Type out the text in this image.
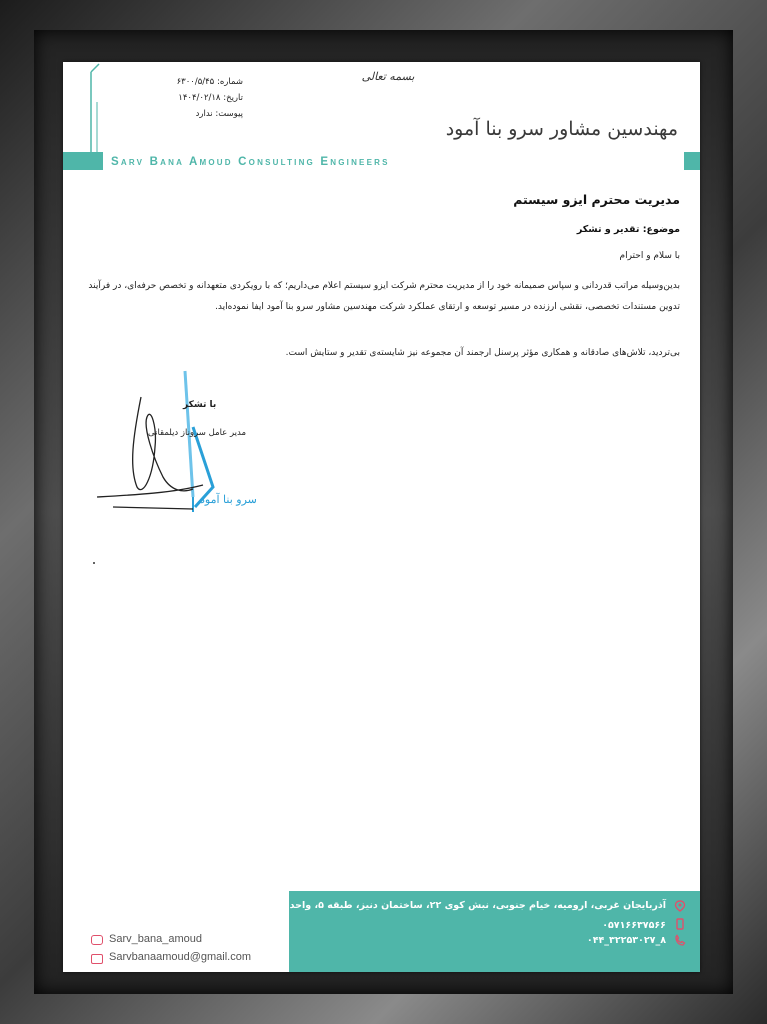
بسمه تعالی
شماره: ۶۳۰۰/۵/۴۵
تاریخ: ۱۴۰۴/۰۲/۱۸
پیوست: ندارد
مهندسین مشاور سرو بنا آمود
Sarv Bana Amoud Consulting Engineers
مدیریت محترم ایزو سیستم
موضوع: تقدیر و تشکر
با سلام و احترام
بدین‌وسیله مراتب قدردانی و سپاس صمیمانه خود را از مدیریت محترم شرکت ایزو سیستم اعلام می‌داریم؛ که با رویکردی متعهدانه و تخصص حرفه‌ای، در فرآیند تدوین مستندات تخصصی، نقشی ارزنده در مسیر توسعه و ارتقای عملکرد شرکت مهندسین مشاور سرو بنا آمود ایفا نموده‌اید.
بی‌تردید، تلاش‌های صادقانه و همکاری مؤثر پرسنل ارجمند آن مجموعه نیز شایسته‌ی تقدیر و ستایش است.
با تشکر
مدیر عامل سروناز دیلمقانی
سرو بنا آمود
آذربایجان غربی، ارومیه، خیام جنوبی، نبش کوی ۲۲، ساختمان دنیز، طبقه ۵، واحد ۱۳
۰۵۷۱۶۶۳۷۵۶۶
۰۴۴_۳۲۲۵۳۰۲۷_۸
Sarv_bana_amoud
Sarvbanaamoud@gmail.com
